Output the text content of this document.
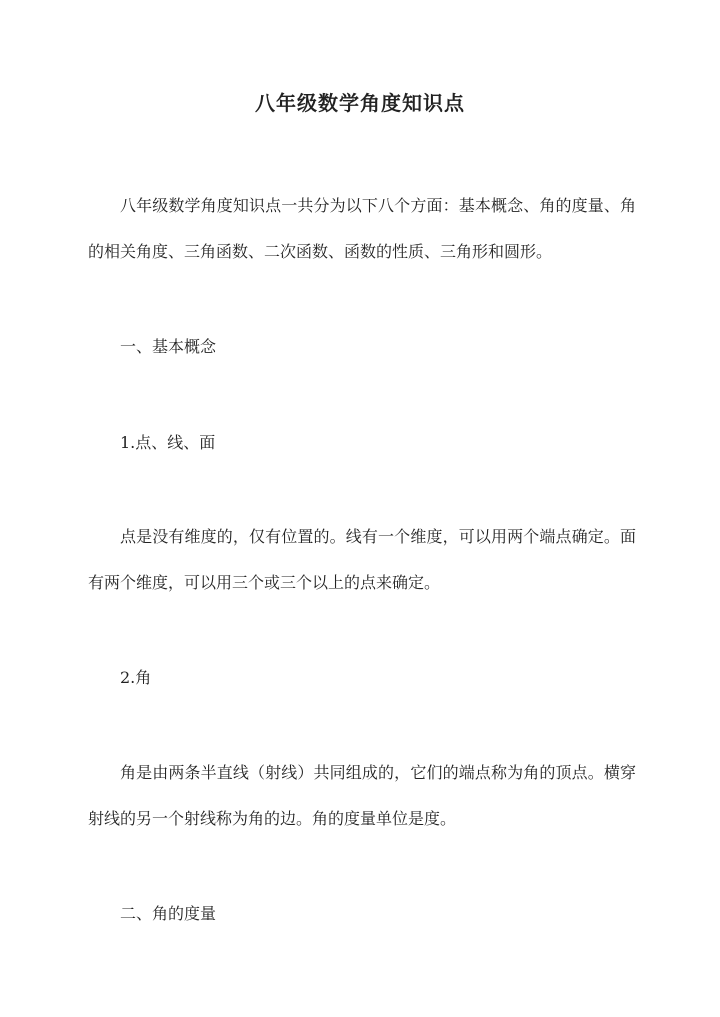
八年级数学角度知识点

八年级数学角度知识点一共分为以下八个方面：基本概念、角的度量、角的相关角度、三角函数、二次函数、函数的性质、三角形和圆形。

一、基本概念

1.点、线、面

点是没有维度的，仅有位置的。线有一个维度，可以用两个端点确定。面有两个维度，可以用三个或三个以上的点来确定。

2.角

角是由两条半直线（射线）共同组成的，它们的端点称为角的顶点。横穿射线的另一个射线称为角的边。角的度量单位是度。

二、角的度量
